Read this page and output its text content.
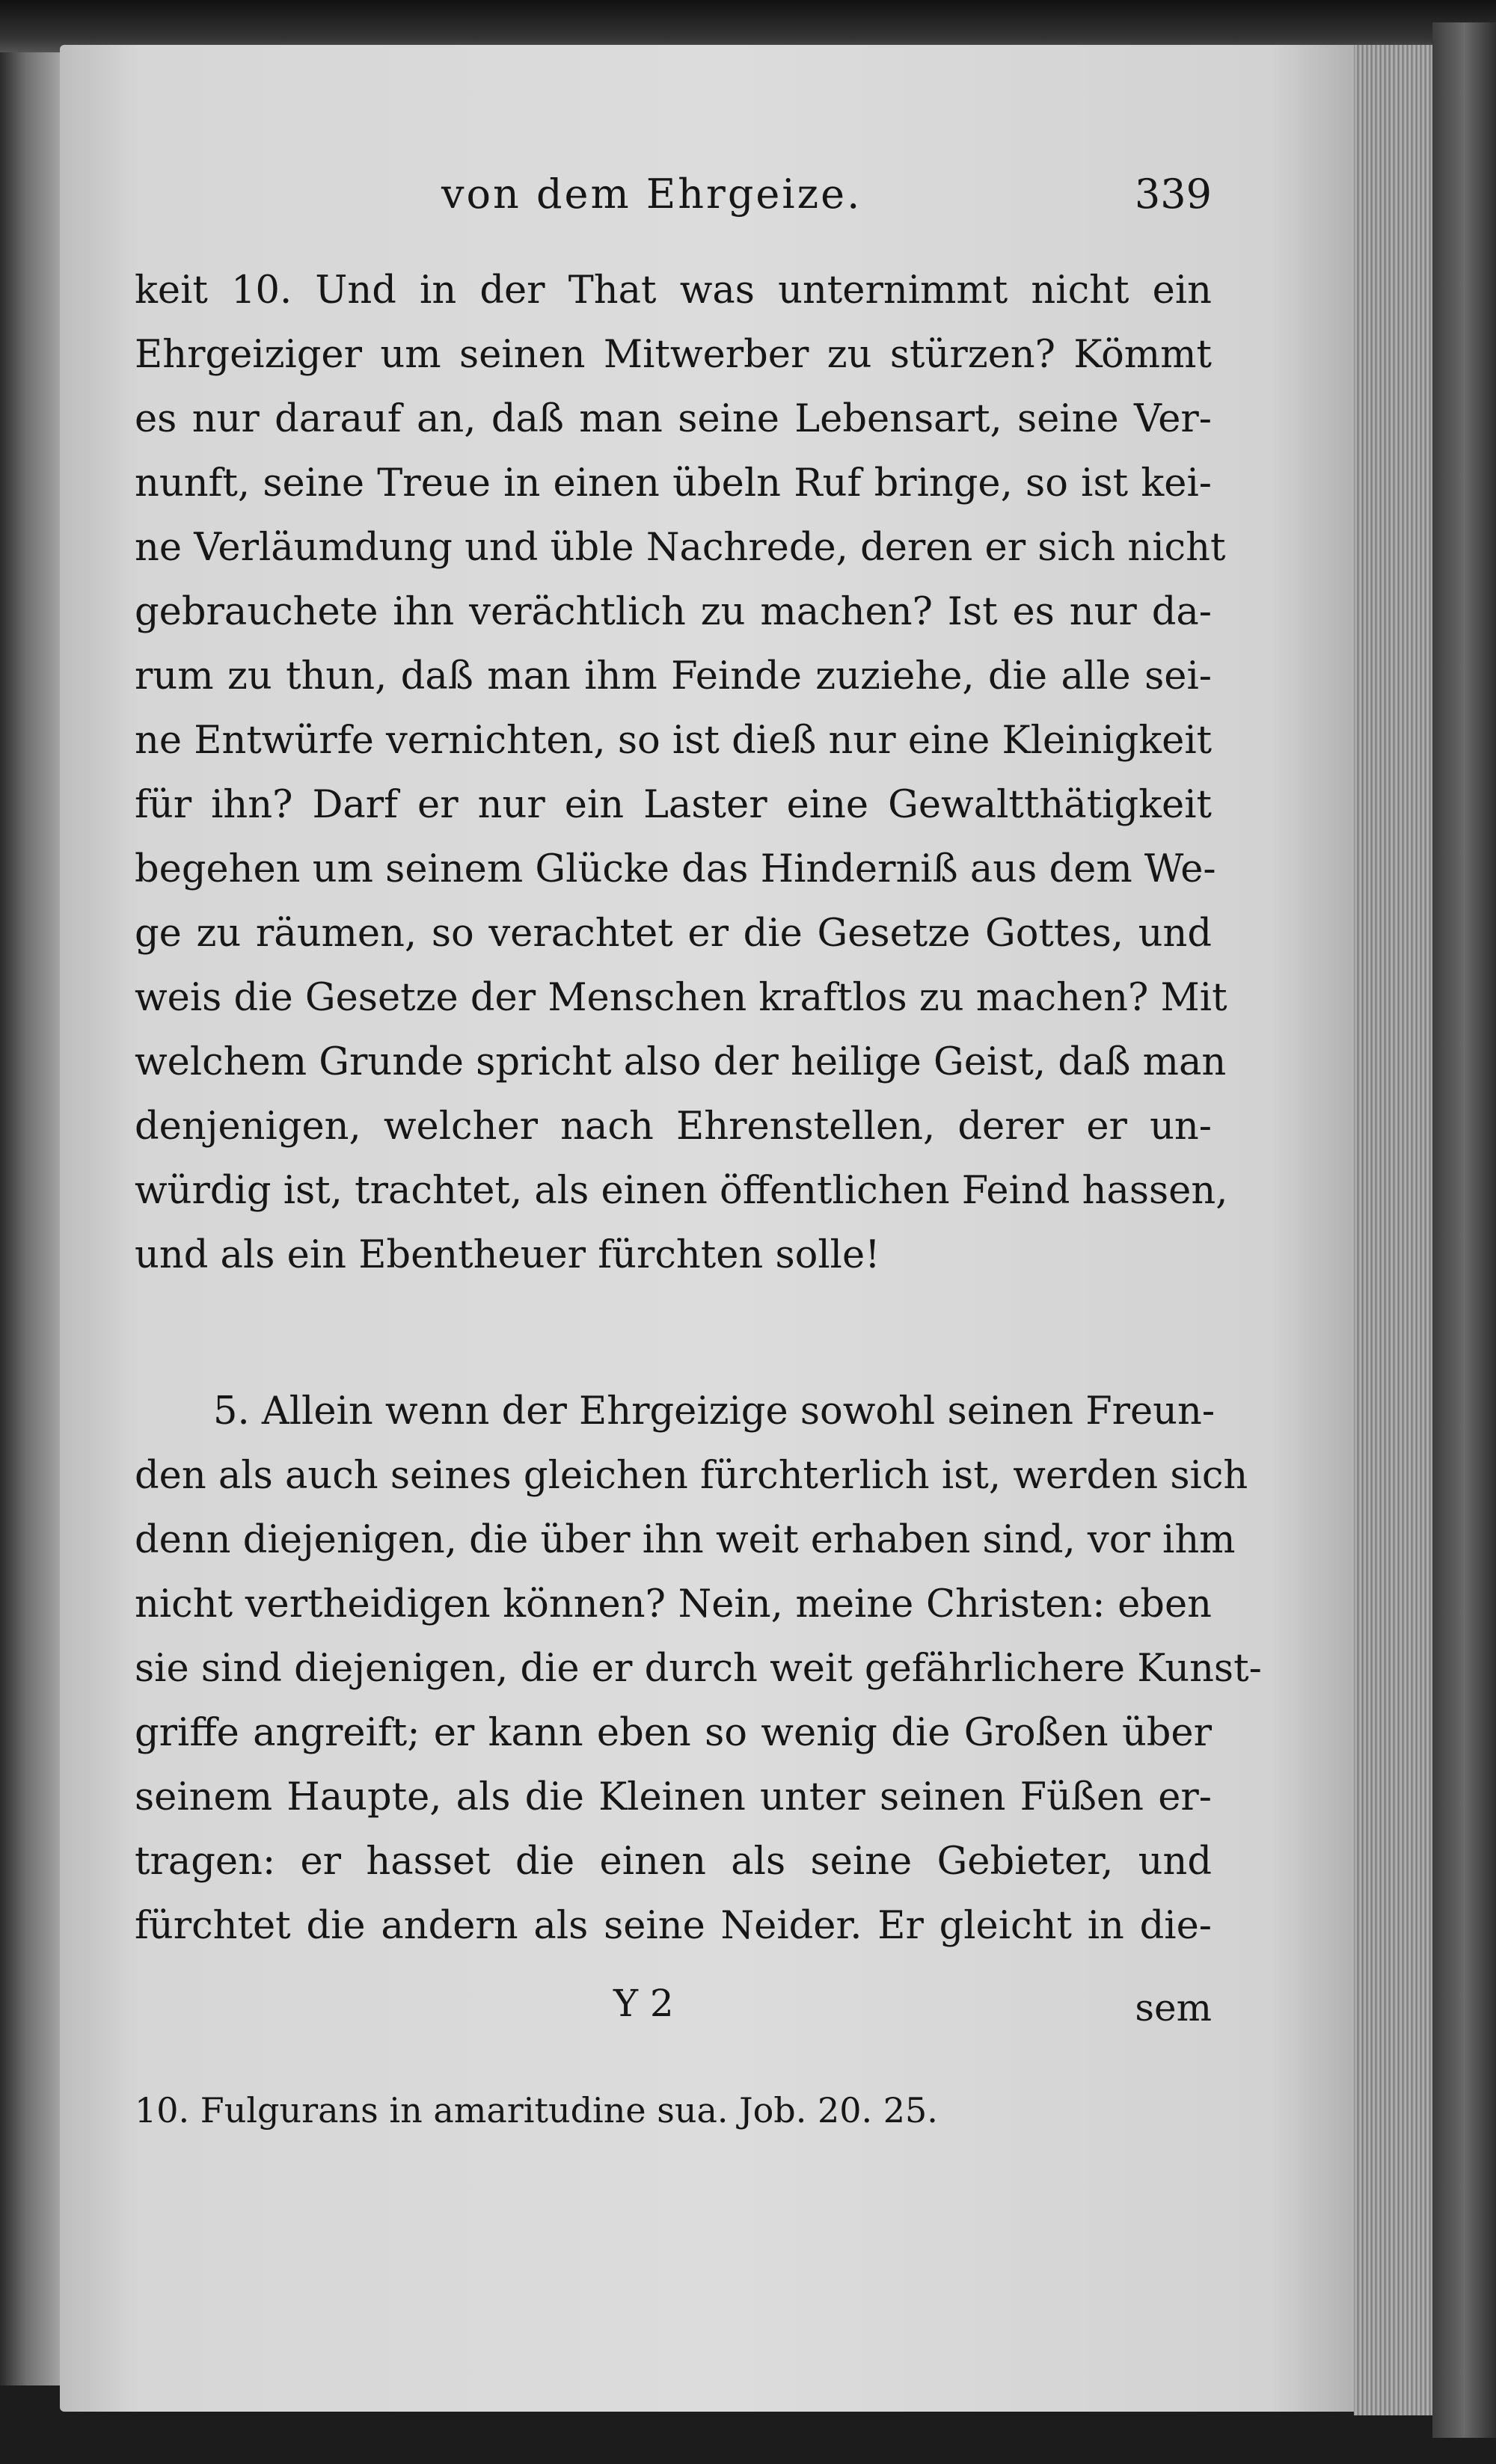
von dem Ehrgeize.	339
keit 10. Und in der That was unternimmt nicht ein
Ehrgeiziger um seinen Mitwerber zu stürzen? Kömmt
es nur darauf an, daß man seine Lebensart, seine Ver-
nunft, seine Treue in einen übeln Ruf bringe, so ist kei-
ne Verläumdung und üble Nachrede, deren er sich nicht
gebrauchete ihn verächtlich zu machen? Ist es nur da-
rum zu thun, daß man ihm Feinde zuziehe, die alle sei-
ne Entwürfe vernichten, so ist dieß nur eine Kleinigkeit
für ihn? Darf er nur ein Laster eine Gewaltthätigkeit
begehen um seinem Glücke das Hinderniß aus dem We-
ge zu räumen, so verachtet er die Gesetze Gottes, und
weis die Gesetze der Menschen kraftlos zu machen? Mit
welchem Grunde spricht also der heilige Geist, daß man
denjenigen, welcher nach Ehrenstellen, derer er un-
würdig ist, trachtet, als einen öffentlichen Feind hassen,
und als ein Ebentheuer fürchten solle!
5. Allein wenn der Ehrgeizige sowohl seinen Freun-
den als auch seines gleichen fürchterlich ist, werden sich
denn diejenigen, die über ihn weit erhaben sind, vor ihm
nicht vertheidigen können? Nein, meine Christen: eben
sie sind diejenigen, die er durch weit gefährlichere Kunst-
griffe angreift; er kann eben so wenig die Großen über
seinem Haupte, als die Kleinen unter seinen Füßen er-
tragen: er hasset die einen als seine Gebieter, und
fürchtet die andern als seine Neider. Er gleicht in die-
Y 2	sem
10. Fulgurans in amaritudine sua. Job. 20. 25.
